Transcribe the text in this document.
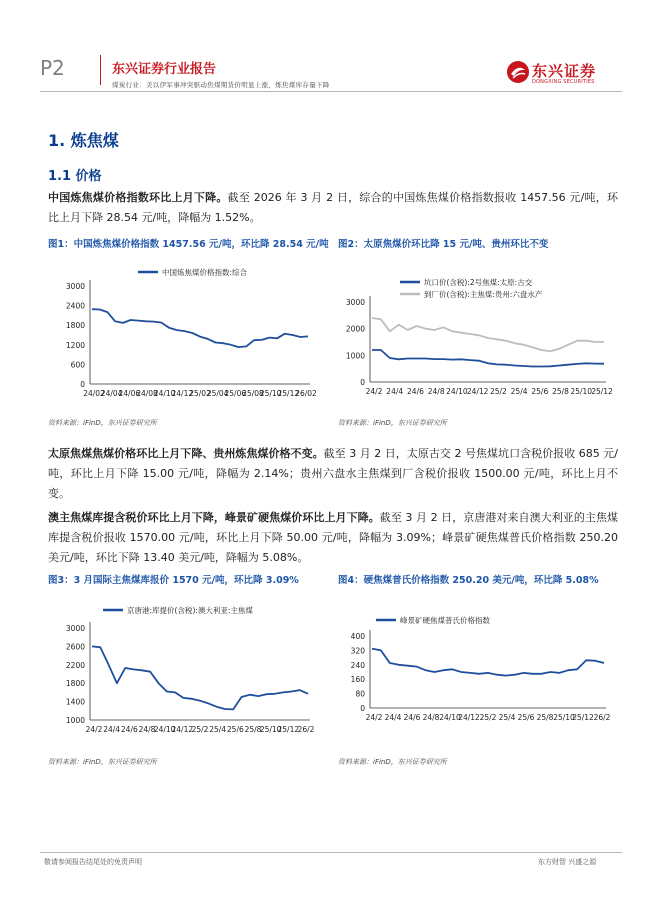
P2	东兴证券行业报告
煤炭行业：美以伊军事冲突驱动焦煤期货价明显上涨，炼焦煤库存量下降
东兴证券
DONGXING SECURITIES
1. 炼焦煤
1.1 价格
中国炼焦煤价格指数环比上月下降。截至 2026 年 3 月 2 日，综合的中国炼焦煤价格指数报收 1457.56 元/吨，环比上月下降 28.54 元/吨，降幅为 1.52%。
图1：中国炼焦煤价格指数 1457.56 元/吨，环比降 28.54 元/吨 图2：太原焦煤价环比降 15 元/吨、贵州环比不变
0
600
1200
1800
2400
3000
24/02
24/04
24/06
24/08
24/10
24/12
25/02
25/04
25/06
25/08
25/10
25/12
26/02
中国炼焦煤价格指数:综合
0
1000
2000
3000
24/2 24/4 24/6 24/8 24/10 24/12 25/2 25/4 25/6 25/8 25/10 25/12
坑口价(含税):2号焦煤:太原:古交
到厂价(含税):主焦煤:贵州:六盘水产
资料来源：iFinD，东兴证券研究所	资料来源：iFinD，东兴证券研究所
太原焦煤焦煤价格环比上月下降、贵州炼焦煤价格不变。截至 3 月 2 日，太原古交 2 号焦煤坑口含税价报收 685 元/吨，环比上月下降 15.00 元/吨，降幅为 2.14%；贵州六盘水主焦煤到厂含税价报收 1500.00 元/吨，环比上月不变。
澳主焦煤库提含税价环比上月下降，峰景矿硬焦煤价环比上月下降。截至 3 月 2 日，京唐港对来自澳大利亚的主焦煤库提含税价报收 1570.00 元/吨，环比上月下降 50.00 元/吨，降幅为 3.09%；峰景矿硬焦煤普氏价格指数 250.20 美元/吨，环比下降 13.40 美元/吨，降幅为 5.08%。
图3：3 月国际主焦煤库报价 1570 元/吨，环比降 3.09%	图4：硬焦煤普氏价格指数 250.20 美元/吨，环比降 5.08%
1000
1400
1800
2200
2600
3000
24/2 24/4 24/6 24/8
24/10
24/12
25/2 25/4 25/6 25/8
25/10
25/12
26/2
京唐港:库提价(含税):澳大利亚:主焦煤
0
80
160
240
320
400
24/2 24/4 24/6 24/8 24/10
24/12 25/2 25/4 25/6 25/8 25/10
25/12 26/2
峰景矿硬焦煤普氏价格指数
资料来源：iFinD，东兴证券研究所	资料来源：iFinD，东兴证券研究所
敬请参阅报告结尾处的免责声明	东方财智 兴盛之源
